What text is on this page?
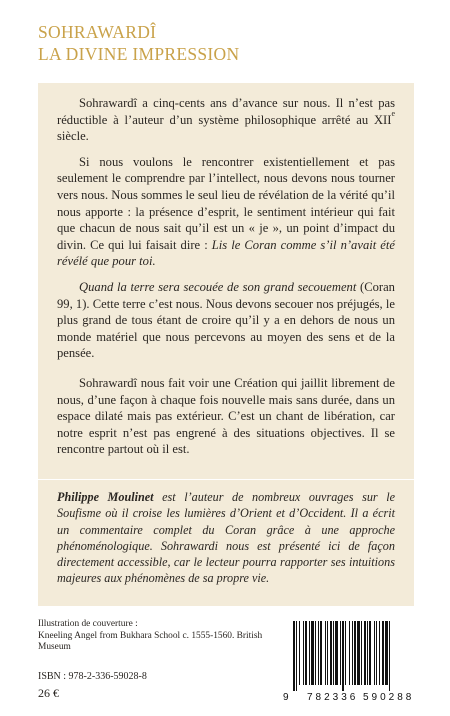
SOHRAWARDÎ
LA DIVINE IMPRESSION

Sohrawardî a cinq-cents ans d’avance sur nous. Il n’est pas réductible à l’auteur d’un système philosophique arrêté au XIIe siècle.

Si nous voulons le rencontrer existentiellement et pas seulement le comprendre par l’intellect, nous devons nous tourner vers nous. Nous sommes le seul lieu de révélation de la vérité qu’il nous apporte : la présence d’esprit, le sentiment intérieur qui fait que chacun de nous sait qu’il est un « je », un point d’impact du divin. Ce qui lui faisait dire : Lis le Coran comme s’il n’avait été révélé que pour toi.

Quand la terre sera secouée de son grand secouement (Coran 99, 1). Cette terre c’est nous. Nous devons secouer nos préjugés, le plus grand de tous étant de croire qu’il y a en dehors de nous un monde matériel que nous percevons au moyen des sens et de la pensée.

Sohrawardî nous fait voir une Création qui jaillit librement de nous, d’une façon à chaque fois nouvelle mais sans durée, dans un espace dilaté mais pas extérieur. C’est un chant de libération, car notre esprit n’est pas engrené à des situations objectives. Il se rencontre partout où il est.

Philippe Moulinet est l’auteur de nombreux ouvrages sur le Soufisme où il croise les lumières d’Orient et d’Occident. Il a écrit un commentaire complet du Coran grâce à une approche phénoménologique. Sohrawardi nous est présenté ici de façon directement accessible, car le lecteur pourra rapporter ses intuitions majeures aux phénomènes de sa propre vie.
Illustration de couverture :
Kneeling Angel from Bukhara School c. 1555-1560. British Museum
ISBN : 978-2-336-59028-8
26 €	9 782336 590288
